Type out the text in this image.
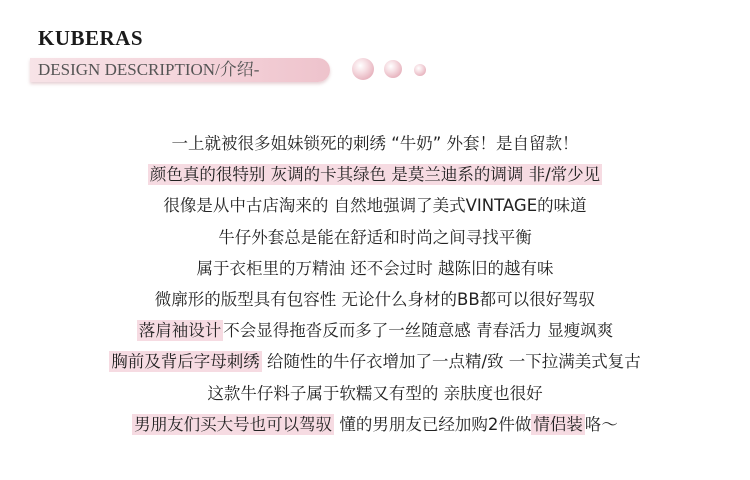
KUBERAS
DESIGN DESCRIPTION/介绍-
一上就被很多姐妹锁死的刺绣 “牛奶” 外套！是自留款！
颜色真的很特别 灰调的卡其绿色 是莫兰迪系的调调 非/常少见
很像是从中古店淘来的 自然地强调了美式VINTAGE的味道
牛仔外套总是能在舒适和时尚之间寻找平衡
属于衣柜里的万精油 还不会过时 越陈旧的越有味
微廓形的版型具有包容性 无论什么身材的BB都可以很好驾驭
落肩袖设计 不会显得拖沓反而多了一丝随意感 青春活力 显瘦飒爽
胸前及背后字母刺绣 给随性的牛仔衣增加了一点精/致 一下拉满美式复古
这款牛仔料子属于软糯又有型的 亲肤度也很好
男朋友们买大号也可以驾驭 懂的男朋友已经加购2件做 情侣装 咯～
